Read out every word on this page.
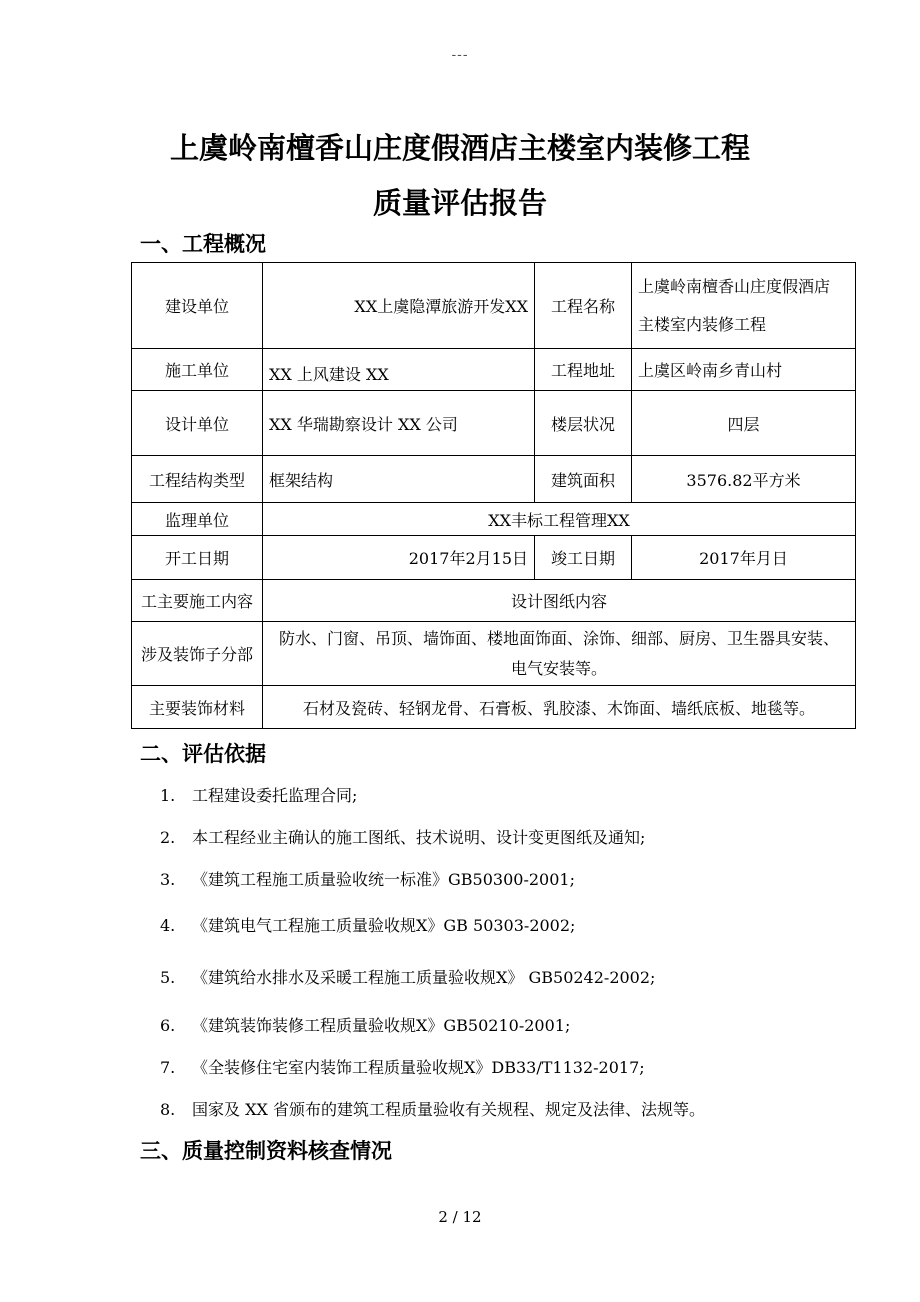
---
上虞岭南檀香山庄度假酒店主楼室内装修工程
质量评估报告
一、工程概况
建设单位	XX上虞隐潭旅游开发XX	工程名称	上虞岭南檀香山庄度假酒店
主楼室内装修工程

施工单位	XX 上风建设 XX	工程地址	上虞区岭南乡青山村
设计单位	XX 华瑞勘察设计 XX 公司	楼层状况	四层
工程结构类型	框架结构	建筑面积	3576.82平方米
监理单位	XX丰标工程管理XX		
开工日期	2017年2月15日	竣工日期	2017年月日
工主要施工内容	设计图纸内容		
涉及装饰子分部	防水、门窗、吊顶、墙饰面、楼地面饰面、涂饰、细部、厨房、卫生器具安装、
电气安装等。		

主要装饰材料	石材及瓷砖、轻钢龙骨、石膏板、乳胶漆、木饰面、墙纸底板、地毯等。		
二、评估依据
1. 工程建设委托监理合同;
2. 本工程经业主确认的施工图纸、技术说明、设计变更图纸及通知;
3. 《建筑工程施工质量验收统一标准》GB50300-2001;
4. 《建筑电气工程施工质量验收规X》GB 50303-2002;
5. 《建筑给水排水及采暖工程施工质量验收规X》 GB50242-2002;
6. 《建筑装饰装修工程质量验收规X》GB50210-2001;
7. 《全装修住宅室内装饰工程质量验收规X》DB33/T1132-2017;
8. 国家及 XX 省颁布的建筑工程质量验收有关规程、规定及法律、法规等。
三、质量控制资料核查情况
2 / 12
